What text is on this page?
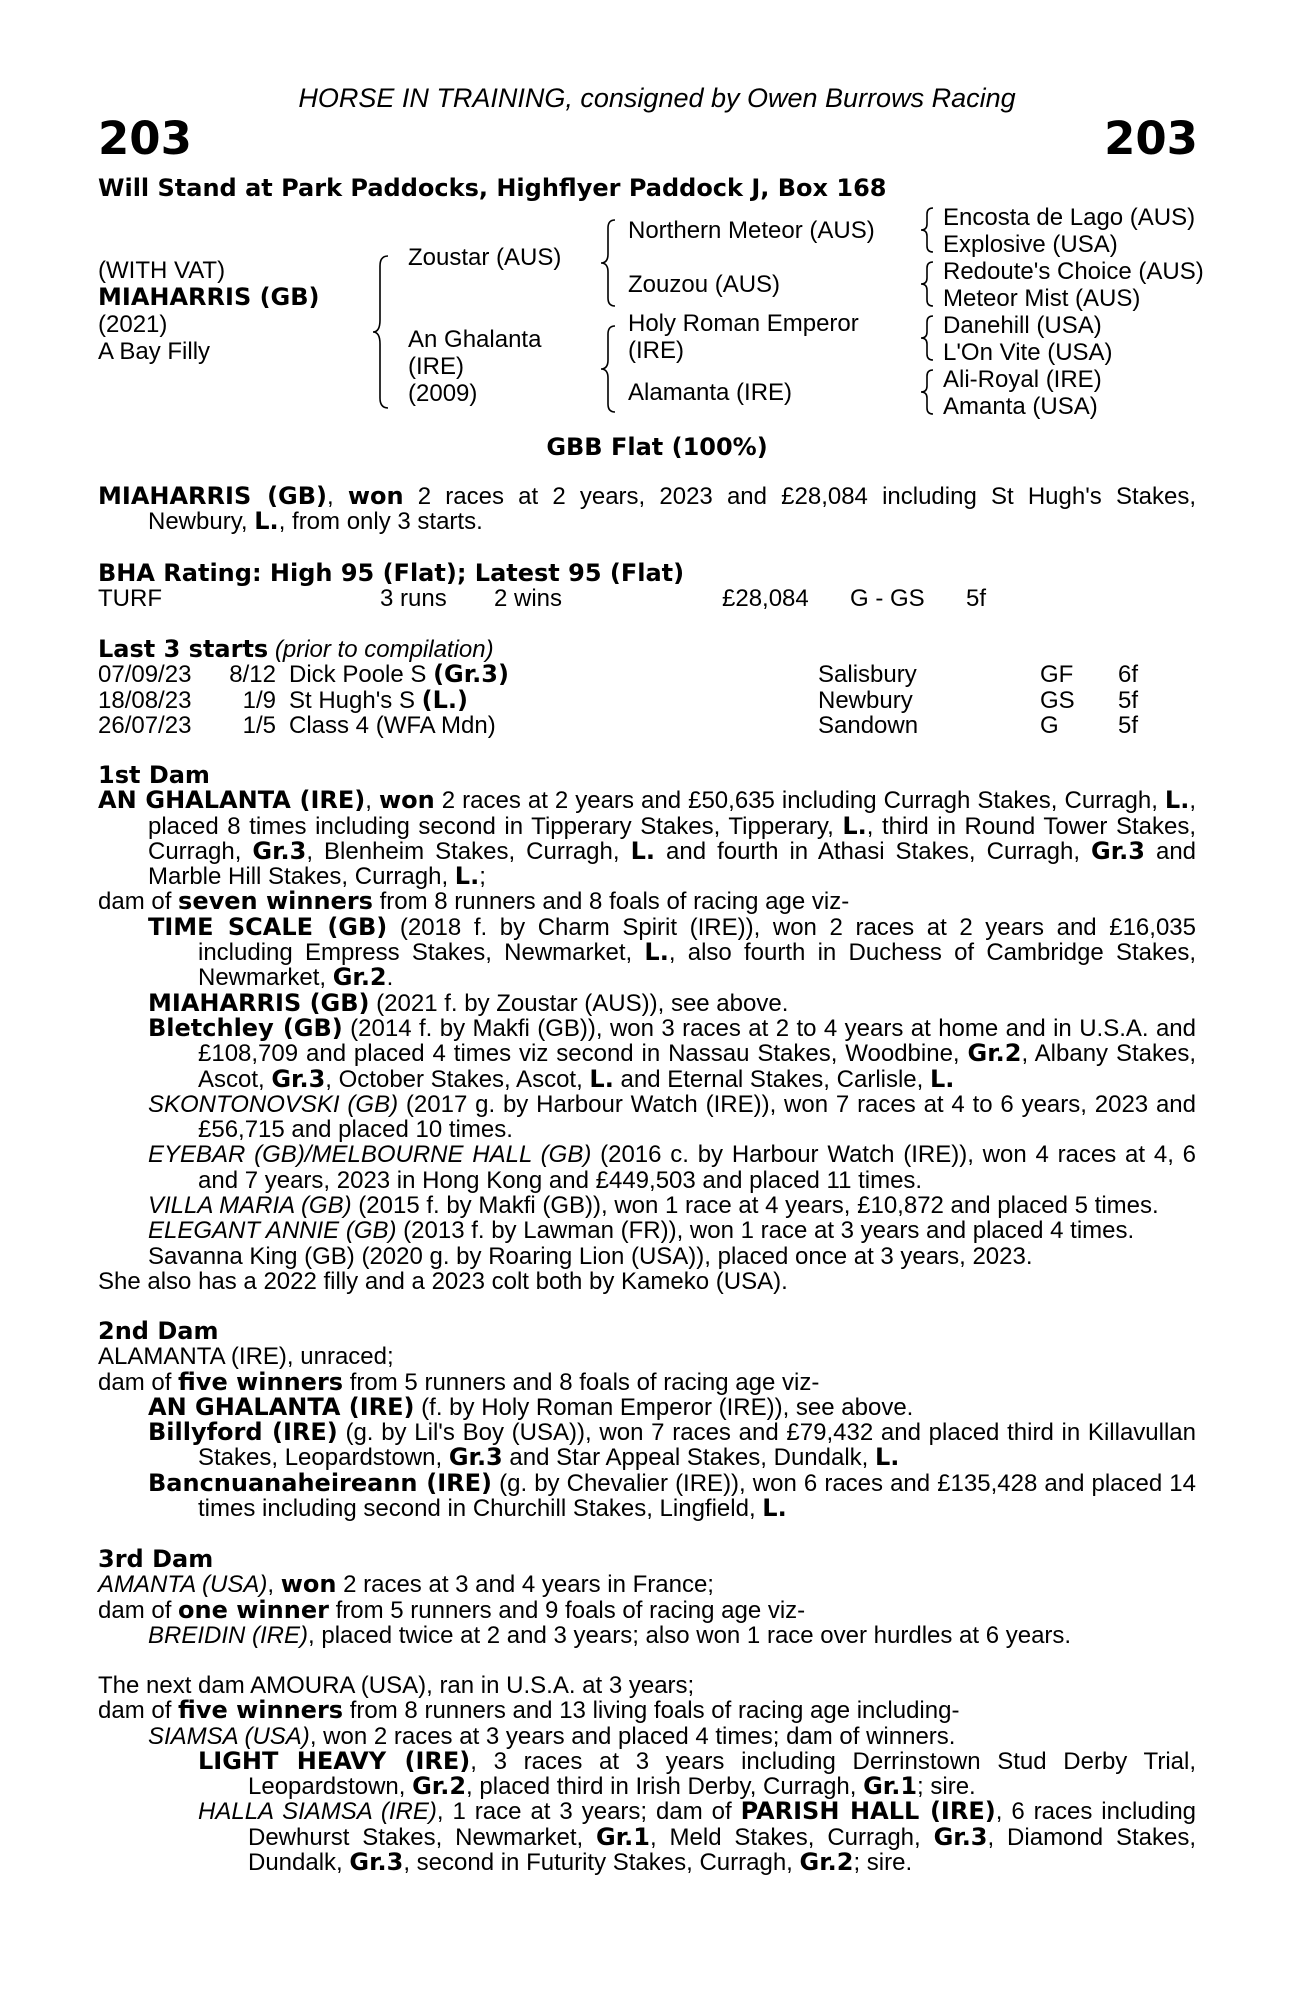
HORSE IN TRAINING, consigned by Owen Burrows Racing
203	203
Will Stand at Park Paddocks, Highflyer Paddock J, Box 168
(WITH VAT)
MIAHARRIS (GB)
(2021)
A Bay Filly
Zoustar (AUS)
An Ghalanta
(IRE)
(2009)
Northern Meteor (AUS)
Zouzou (AUS)
Holy Roman Emperor
(IRE)
Alamanta (IRE)
Encosta de Lago (AUS)
Explosive (USA)
Redoute's Choice (AUS)
Meteor Mist (AUS)
Danehill (USA)
L'On Vite (USA)
Ali-Royal (IRE)
Amanta (USA)
GBB Flat (100%)

MIAHARRIS (GB), won 2 races at 2 years, 2023 and £28,084 including St Hugh's Stakes, Newbury, L., from only 3 starts.

BHA Rating: High 95 (Flat); Latest 95 (Flat)
TURF	3 runs 2 wins	£28,084 G - GS 5f
Last 3 starts (prior to compilation)
07/09/23 8/12 Dick Poole S (Gr.3)	Salisbury	GF 6f
18/08/23 1/9 St Hugh's S (L.)	Newbury	GS 5f
26/07/23 1/5 Class 4 (WFA Mdn)	Sandown	G 5f
1st Dam

AN GHALANTA (IRE), won 2 races at 2 years and £50,635 including Curragh Stakes, Curragh, L., placed 8 times including second in Tipperary Stakes, Tipperary, L., third in Round Tower Stakes, Curragh, Gr.3, Blenheim Stakes, Curragh, L. and fourth in Athasi Stakes, Curragh, Gr.3 and Marble Hill Stakes, Curragh, L.;

dam of seven winners from 8 runners and 8 foals of racing age viz-

TIME SCALE (GB) (2018 f. by Charm Spirit (IRE)), won 2 races at 2 years and £16,035 including Empress Stakes, Newmarket, L., also fourth in Duchess of Cambridge Stakes, Newmarket, Gr.2.

MIAHARRIS (GB) (2021 f. by Zoustar (AUS)), see above.

Bletchley (GB) (2014 f. by Makfi (GB)), won 3 races at 2 to 4 years at home and in U.S.A. and £108,709 and placed 4 times viz second in Nassau Stakes, Woodbine, Gr.2, Albany Stakes, Ascot, Gr.3, October Stakes, Ascot, L. and Eternal Stakes, Carlisle, L.

SKONTONOVSKI (GB) (2017 g. by Harbour Watch (IRE)), won 7 races at 4 to 6 years, 2023 and £56,715 and placed 10 times.

EYEBAR (GB)/MELBOURNE HALL (GB) (2016 c. by Harbour Watch (IRE)), won 4 races at 4, 6 and 7 years, 2023 in Hong Kong and £449,503 and placed 11 times.

VILLA MARIA (GB) (2015 f. by Makfi (GB)), won 1 race at 4 years, £10,872 and placed 5 times.

ELEGANT ANNIE (GB) (2013 f. by Lawman (FR)), won 1 race at 3 years and placed 4 times.

Savanna King (GB) (2020 g. by Roaring Lion (USA)), placed once at 3 years, 2023.

She also has a 2022 filly and a 2023 colt both by Kameko (USA).

2nd Dam

ALAMANTA (IRE), unraced;

dam of five winners from 5 runners and 8 foals of racing age viz-

AN GHALANTA (IRE) (f. by Holy Roman Emperor (IRE)), see above.

Billyford (IRE) (g. by Lil's Boy (USA)), won 7 races and £79,432 and placed third in Killavullan Stakes, Leopardstown, Gr.3 and Star Appeal Stakes, Dundalk, L.

Bancnuanaheireann (IRE) (g. by Chevalier (IRE)), won 6 races and £135,428 and placed 14 times including second in Churchill Stakes, Lingfield, L.

3rd Dam

AMANTA (USA), won 2 races at 3 and 4 years in France;

dam of one winner from 5 runners and 9 foals of racing age viz-

BREIDIN (IRE), placed twice at 2 and 3 years; also won 1 race over hurdles at 6 years.

The next dam AMOURA (USA), ran in U.S.A. at 3 years;

dam of five winners from 8 runners and 13 living foals of racing age including-

SIAMSA (USA), won 2 races at 3 years and placed 4 times; dam of winners.

LIGHT HEAVY (IRE), 3 races at 3 years including Derrinstown Stud Derby Trial, Leopardstown, Gr.2, placed third in Irish Derby, Curragh, Gr.1; sire.

HALLA SIAMSA (IRE), 1 race at 3 years; dam of PARISH HALL (IRE), 6 races including Dewhurst Stakes, Newmarket, Gr.1, Meld Stakes, Curragh, Gr.3, Diamond Stakes, Dundalk, Gr.3, second in Futurity Stakes, Curragh, Gr.2; sire.
